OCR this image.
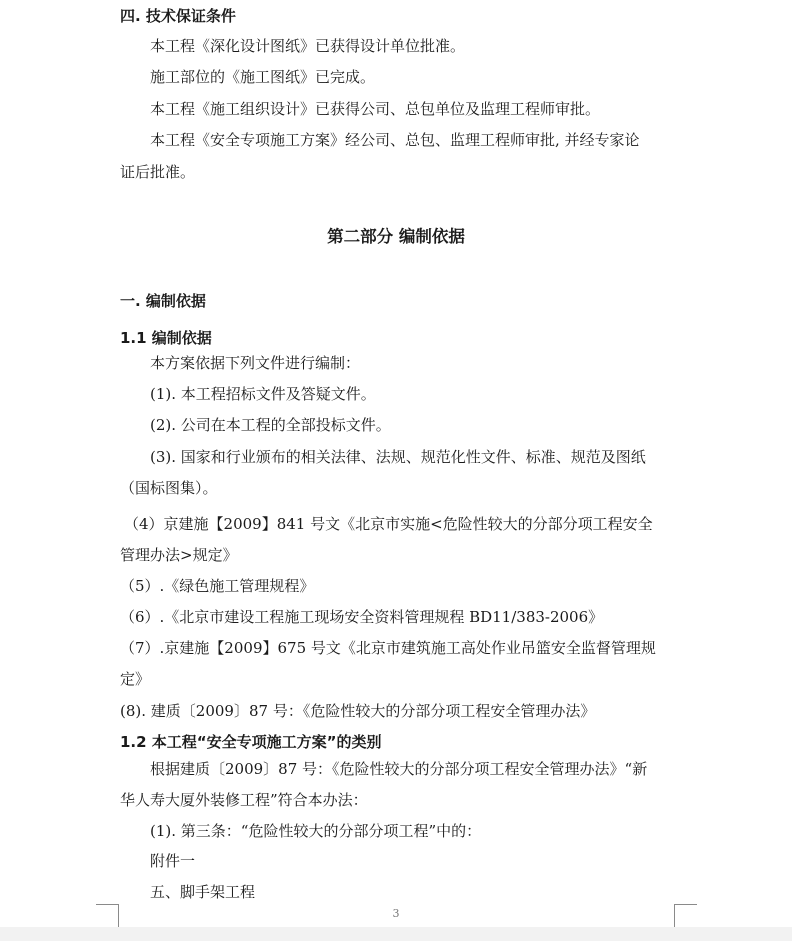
四. 技术保证条件
本工程《深化设计图纸》已获得设计单位批准。
施工部位的《施工图纸》已完成。
本工程《施工组织设计》已获得公司、总包单位及监理工程师审批。
本工程《安全专项施工方案》经公司、总包、监理工程师审批, 并经专家论
证后批准。
第二部分 编制依据
一. 编制依据
1.1 编制依据
本方案依据下列文件进行编制：
(1). 本工程招标文件及答疑文件。
(2). 公司在本工程的全部投标文件。
(3). 国家和行业颁布的相关法律、法规、规范化性文件、标准、规范及图纸
（国标图集）。
（4）京建施【2009】841 号文《北京市实施<危险性较大的分部分项工程安全
管理办法>规定》
（5）.《绿色施工管理规程》
（6）.《北京市建设工程施工现场安全资料管理规程 BD11/383-2006》
（7）.京建施【2009】675 号文《北京市建筑施工高处作业吊篮安全监督管理规
定》
(8). 建质〔2009〕87 号：《危险性较大的分部分项工程安全管理办法》
1.2 本工程“安全专项施工方案”的类别
根据建质〔2009〕87 号：《危险性较大的分部分项工程安全管理办法》“新
华人寿大厦外装修工程”符合本办法：
(1). 第三条：“危险性较大的分部分项工程”中的：
附件一
五、脚手架工程
3
